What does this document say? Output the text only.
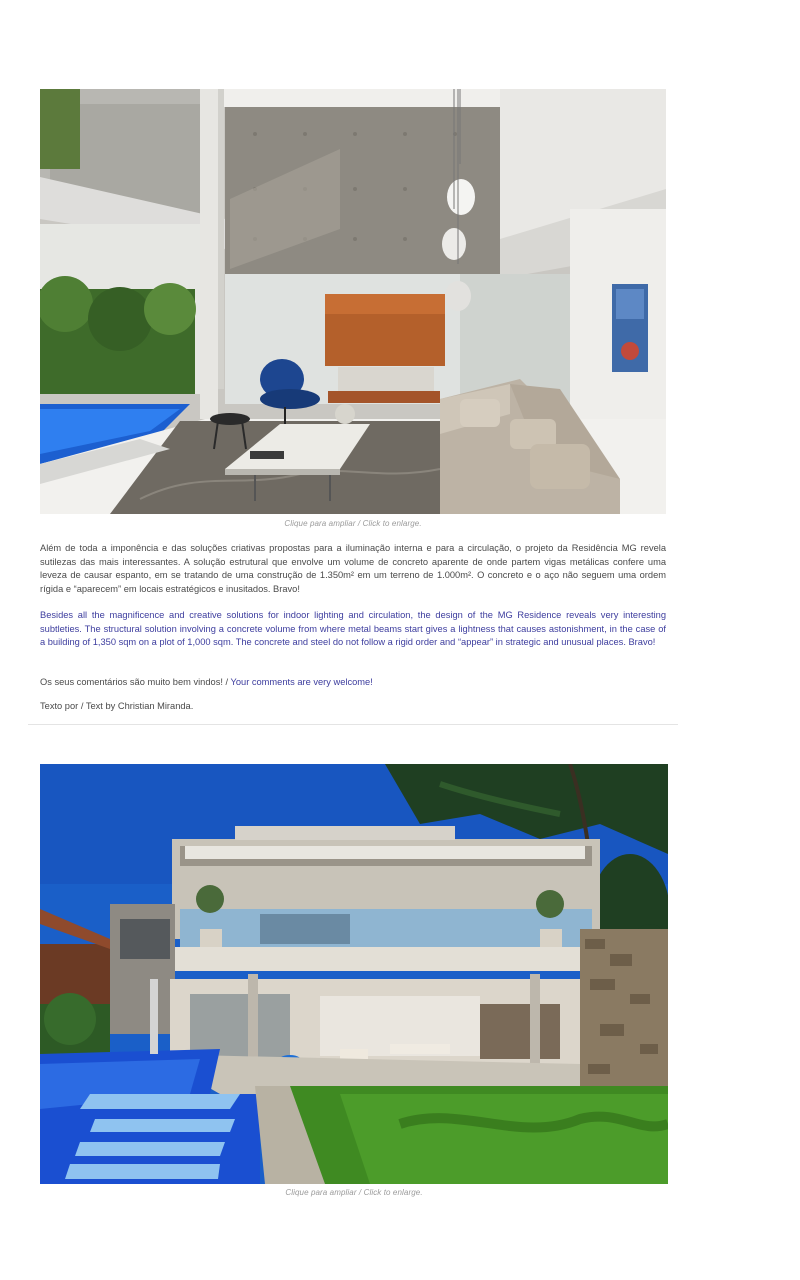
Clique para ampliar / Click to enlarge.

Além de toda a imponência e das soluções criativas propostas para a iluminação interna e para a circulação, o projeto da Residência MG revela sutilezas das mais interessantes. A solução estrutural que envolve um volume de concreto aparente de onde partem vigas metálicas confere uma leveza de causar espanto, em se tratando de uma construção de 1.350m² em um terreno de 1.000m². O concreto e o aço não seguem uma ordem rígida e “aparecem” em locais estratégicos e inusitados. Bravo!

Besides all the magnificence and creative solutions for indoor lighting and circulation, the design of the MG Residence reveals very interesting subtleties. The structural solution involving a concrete volume from where metal beams start gives a lightness that causes astonishment, in the case of a building of 1,350 sqm on a plot of 1,000 sqm. The concrete and steel do not follow a rigid order and “appear” in strategic and unusual places. Bravo!

Os seus comentários são muito bem vindos! / Your comments are very welcome!

Texto por / Text by Christian Miranda.

Clique para ampliar / Click to enlarge.
